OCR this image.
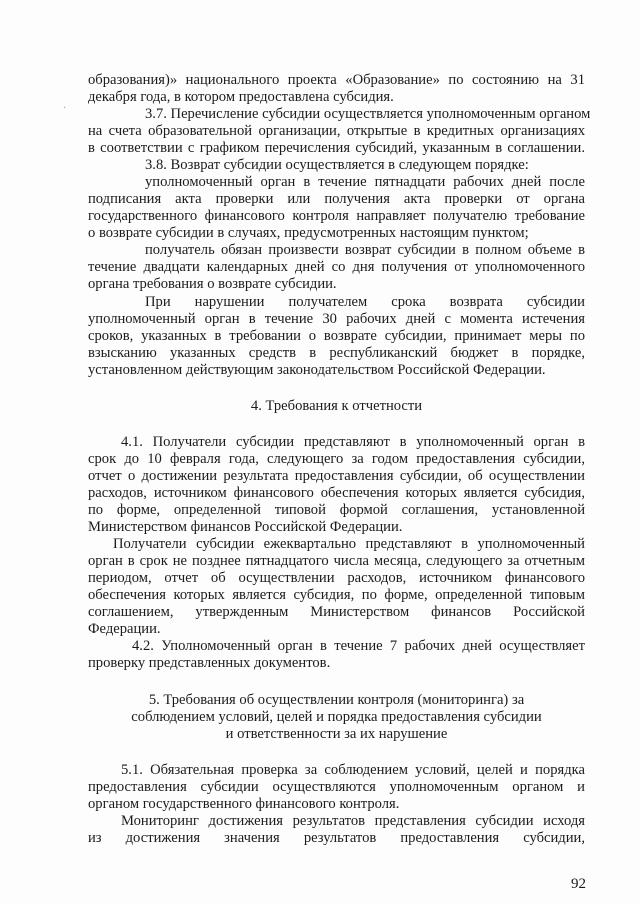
·
образования)» национального проекта «Образование» по состоянию на 31
декабря года, в котором предоставлена субсидия.
3.7. Перечисление субсидии осуществляется уполномоченным органом
на счета образовательной организации, открытые в кредитных организациях
в соответствии с графиком перечисления субсидий, указанным в соглашении.
3.8. Возврат субсидии осуществляется в следующем порядке:
уполномоченный орган в течение пятнадцати рабочих дней после
подписания акта проверки или получения акта проверки от органа
государственного финансового контроля направляет получателю требование
о возврате субсидии в случаях, предусмотренных настоящим пунктом;
получатель обязан произвести возврат субсидии в полном объеме в
течение двадцати календарных дней со дня получения от уполномоченного
органа требования о возврате субсидии.
При нарушении получателем срока возврата субсидии
уполномоченный орган в течение 30 рабочих дней с момента истечения
сроков, указанных в требовании о возврате субсидии, принимает меры по
взысканию указанных средств в республиканский бюджет в порядке,
установленном действующим законодательством Российской Федерации.
4. Требования к отчетности
4.1. Получатели субсидии представляют в уполномоченный орган в
срок до 10 февраля года, следующего за годом предоставления субсидии,
отчет о достижении результата предоставления субсидии, об осуществлении
расходов, источником финансового обеспечения которых является субсидия,
по форме, определенной типовой формой соглашения, установленной
Министерством финансов Российской Федерации.
Получатели субсидии ежеквартально представляют в уполномоченный
орган в срок не позднее пятнадцатого числа месяца, следующего за отчетным
периодом, отчет об осуществлении расходов, источником финансового
обеспечения которых является субсидия, по форме, определенной типовым
соглашением, утвержденным Министерством финансов Российской
Федерации.
4.2. Уполномоченный орган в течение 7 рабочих дней осуществляет
проверку представленных документов.
5. Требования об осуществлении контроля (мониторинга) за
соблюдением условий, целей и порядка предоставления субсидии
и ответственности за их нарушение
5.1. Обязательная проверка за соблюдением условий, целей и порядка
предоставления субсидии осуществляются уполномоченным органом и
органом государственного финансового контроля.
Мониторинг достижения результатов представления субсидии исходя
из достижения значения результатов предоставления субсидии,
92
